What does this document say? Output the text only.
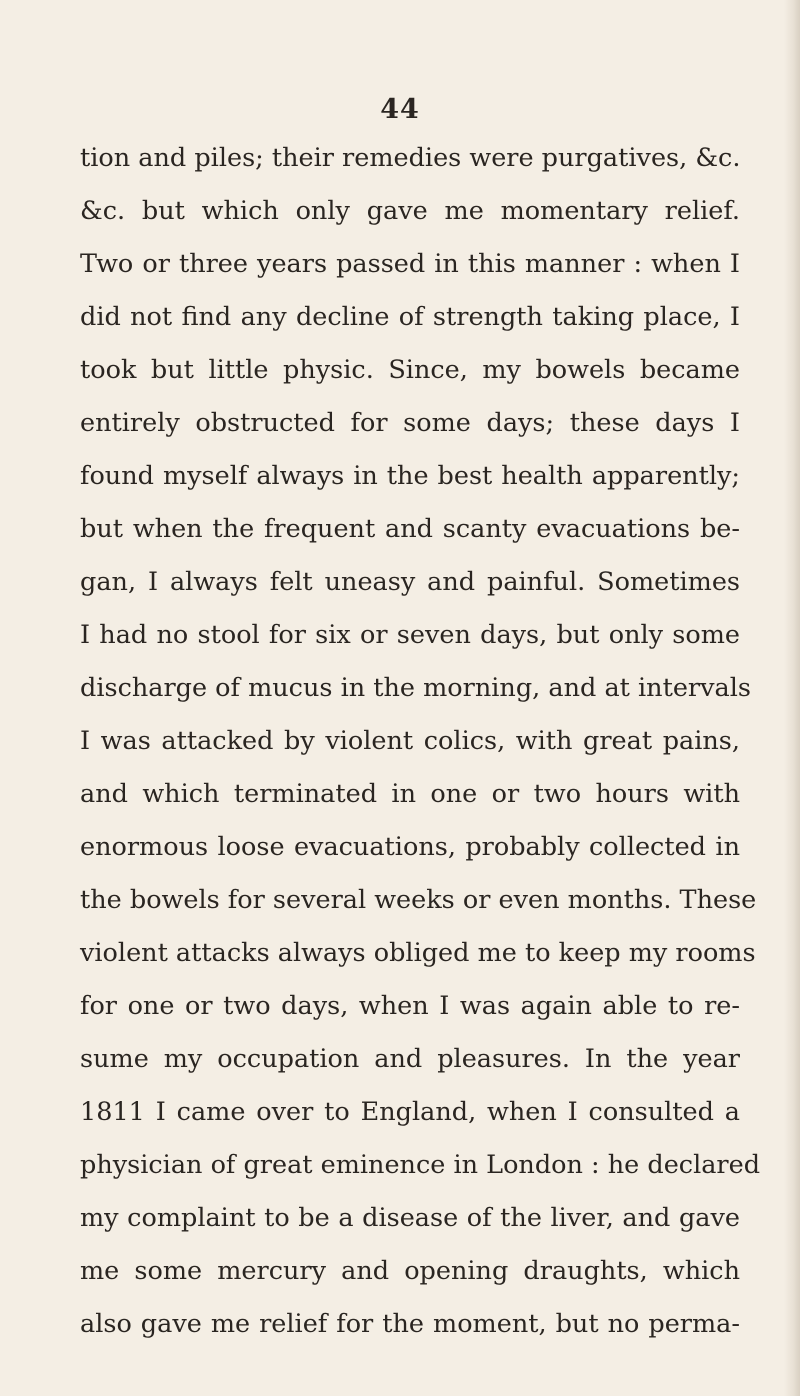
44
tion and piles; their remedies were purgatives, &c.
&c. but which only gave me momentary relief.
Two or three years passed in this manner : when I
did not find any decline of strength taking place, I
took but little physic. Since, my bowels became
entirely obstructed for some days; these days I
found myself always in the best health apparently;
but when the frequent and scanty evacuations be-
gan, I always felt uneasy and painful. Sometimes
I had no stool for six or seven days, but only some
discharge of mucus in the morning, and at intervals
I was attacked by violent colics, with great pains,
and which terminated in one or two hours with
enormous loose evacuations, probably collected in
the bowels for several weeks or even months. These
violent attacks always obliged me to keep my rooms
for one or two days, when I was again able to re-
sume my occupation and pleasures. In the year
1811 I came over to England, when I consulted a
physician of great eminence in London : he declared
my complaint to be a disease of the liver, and gave
me some mercury and opening draughts, which
also gave me relief for the moment, but no perma-
